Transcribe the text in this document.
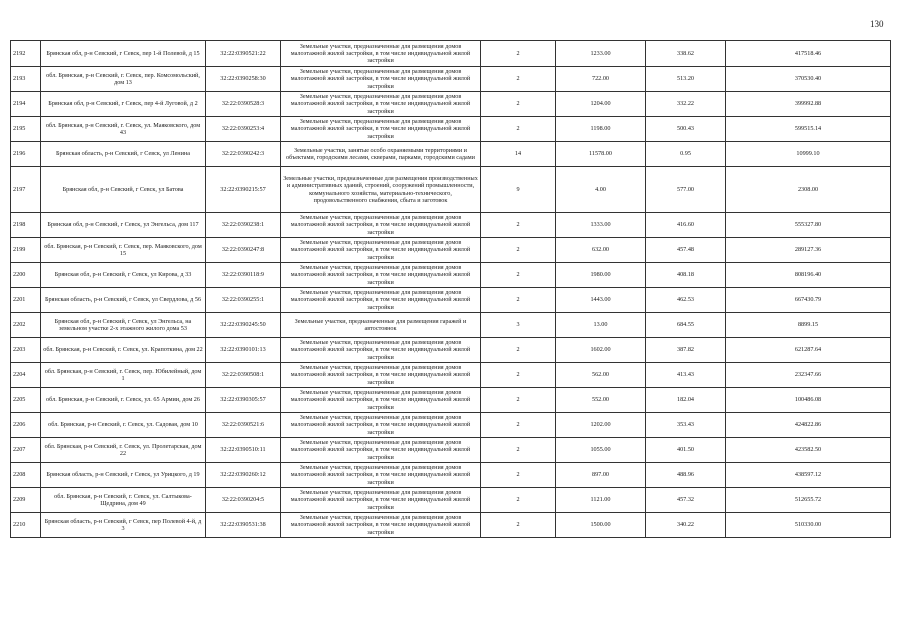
130
2192	Брянская обл, р-н Севский, г Севск, пер 1-й Полевой, д 15	32:22:0390521:22	Земельные участки, предназначенные для размещения домов малоэтажной жилой застройки, в том числе индивидуальной жилой застройки	2	1233.00	338.62	417518.46
2193	обл. Брянская, р-н Севский, г. Севск, пер. Комсомольский, дом 13	32:22:0390258:30	Земельные участки, предназначенные для размещения домов малоэтажной жилой застройки, в том числе индивидуальной жилой застройки	2	722.00	513.20	370530.40
2194	Брянская обл, р-н Севский, г Севск, пер 4-й Луговой, д 2	32:22:0390528:3	Земельные участки, предназначенные для размещения домов малоэтажной жилой застройки, в том числе индивидуальной жилой застройки	2	1204.00	332.22	399992.88
2195	обл. Брянская, р-н Севский, г. Севск, ул. Маяковского, дом 43	32:22:0390253:4	Земельные участки, предназначенные для размещения домов малоэтажной жилой застройки, в том числе индивидуальной жилой застройки	2	1198.00	500.43	599515.14
2196	Брянская область, р-н Севский, г Севск, ул Ленина	32:22:0390242:3	Земельные участки, занятые особо охраняемыми территориями и объектами, городскими лесами, скверами, парками, городскими садами	14	11578.00	0.95	10999.10
2197	Брянская обл, р-н Севский, г Севск, ул Батова	32:22:0390215:57	Земельные участки, предназначенные для размещения производственных и административных зданий, строений, сооружений промышленности, коммунального хозяйства, материально-технического, продовольственного снабжения, сбыта и заготовок	9	4.00	577.00	2308.00
2198	Брянская обл, р-н Севский, г Севск, ул Энгельса, дом 117	32:22:0390238:1	Земельные участки, предназначенные для размещения домов малоэтажной жилой застройки, в том числе индивидуальной жилой застройки	2	1333.00	416.60	555327.80
2199	обл. Брянская, р-н Севский, г. Севск, пер. Маяковского, дом 15	32:22:0390247:8	Земельные участки, предназначенные для размещения домов малоэтажной жилой застройки, в том числе индивидуальной жилой застройки	2	632.00	457.48	289127.36
2200	Брянская обл, р-н Севский, г Севск, ул Кирова, д 33	32:22:0390118:9	Земельные участки, предназначенные для размещения домов малоэтажной жилой застройки, в том числе индивидуальной жилой застройки	2	1980.00	408.18	808196.40
2201	Брянская область, р-н Севский, г Севск, ул Свердлова, д 56	32:22:0390255:1	Земельные участки, предназначенные для размещения домов малоэтажной жилой застройки, в том числе индивидуальной жилой застройки	2	1443.00	462.53	667430.79
2202	Брянская обл, р-н Севский, г Севск, ул Энгельса, на земельном участке 2-х этажного жилого дома 53	32:22:0390245:50	Земельные участки, предназначенные для размещения гаражей и автостоянок	3	13.00	684.55	8899.15
2203	обл. Брянская, р-н Севский, г. Севск, ул. Крапоткина, дом 22	32:22:0390101:13	Земельные участки, предназначенные для размещения домов малоэтажной жилой застройки, в том числе индивидуальной жилой застройки	2	1602.00	387.82	621287.64
2204	обл. Брянская, р-н Севский, г. Севск, пер. Юбилейный, дом 1	32:22:0390508:1	Земельные участки, предназначенные для размещения домов малоэтажной жилой застройки, в том числе индивидуальной жилой застройки	2	562.00	413.43	232347.66
2205	обл. Брянская, р-н Севский, г. Севск, ул. 65 Армии, дом 26	32:22:0390305:57	Земельные участки, предназначенные для размещения домов малоэтажной жилой застройки, в том числе индивидуальной жилой застройки	2	552.00	182.04	100486.08
2206	обл. Брянская, р-н Севский, г. Севск, ул. Садовая, дом 10	32:22:0390521:6	Земельные участки, предназначенные для размещения домов малоэтажной жилой застройки, в том числе индивидуальной жилой застройки	2	1202.00	353.43	424822.86
2207	обл. Брянская, р-н Севский, г. Севск, ул. Пролетарская, дом 22	32:22:0390510:11	Земельные участки, предназначенные для размещения домов малоэтажной жилой застройки, в том числе индивидуальной жилой застройки	2	1055.00	401.50	423582.50
2208	Брянская область, р-н Севский, г Севск, ул Урицкого, д 19	32:22:0390260:12	Земельные участки, предназначенные для размещения домов малоэтажной жилой застройки, в том числе индивидуальной жилой застройки	2	897.00	488.96	438597.12
2209	обл. Брянская, р-н Севский, г. Севск, ул. Салтыкова-Щедрина, дом 49	32:22:0390204:5	Земельные участки, предназначенные для размещения домов малоэтажной жилой застройки, в том числе индивидуальной жилой застройки	2	1121.00	457.32	512655.72
2210	Брянская область, р-н Севский, г Севск, пер Полевой 4-й, д 3	32:22:0390531:38	Земельные участки, предназначенные для размещения домов малоэтажной жилой застройки, в том числе индивидуальной жилой застройки	2	1500.00	340.22	510330.00
